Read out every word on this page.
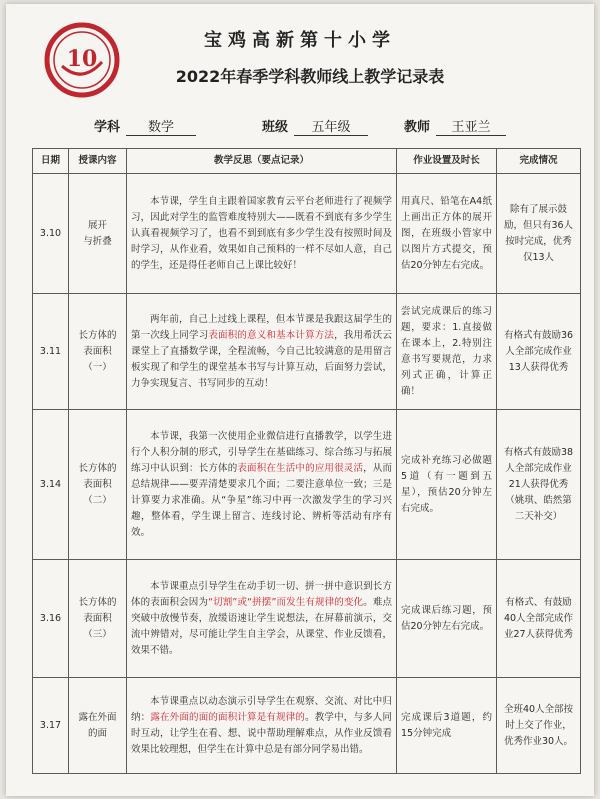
10
宝鸡高新第十小学
2022年春季学科教师线上教学记录表
学科 数学	班级 五年级	教师 王亚兰
日期	授课内容	教学反思（要点记录）	作业设置及时长	完成情况
3.10	展开
与折叠	本节课，学生自主跟着国家教育云平台老师进行了视频学习，因此对学生的监管难度特别大——既看不到底有多少学生认真看视频学习了，也看不到到底有多少学生没有按照时间及时学习，从作业看，效果如自己预料的一样不尽如人意，自己的学生，还是得任老师自己上课比较好！	用真尺、铅笔在A4纸上画出正方体的展开图，在班级小管家中以图片方式提交，预估20分钟左右完成。	除有了展示鼓励，但只有36人按时完成，优秀仅13人
3.11	长方体的
表面积
（一）	两年前，自己上过线上课程，但本节课是我跟这届学生的第一次线上同学习表面积的意义和基本计算方法，我用希沃云课堂上了直播数学课，全程流畅，今自己比较满意的是用留言板实现了和学生的课堂基本书写与计算互动，后面努力尝试，力争实现复言、书写同步的互动！	尝试完成课后的练习题，要求：1.直接做在课本上，2.特别注意书写要规范，力求列式正确，计算正确！	有格式有鼓励36人全部完成作业13人获得优秀
3.14	长方体的
表面积
（二）	本节课，我第一次使用企业微信进行直播教学，以学生进行个人积分制的形式，引导学生在基础练习、综合练习与拓展练习中认识到：长方体的表面积在生活中的应用很灵活，从而总结规律——要弄清楚要求几个面；二要注意单位一致；三是计算要力求准确。从“争星”练习中再一次激发学生的学习兴趣，整体看，学生课上留言、连线讨论、辨析等活动有序有效。	完成补充练习必做题5道（有一题到五星），预估20分钟左右完成。	有格式有鼓励38人全部完成作业21人获得优秀（姚琪、皓然第二天补交）
3.16	长方体的
表面积
（三）	本节课重点引导学生在动手切一切、拼一拼中意识到长方体的表面积会因为“切割”或“拼摆”而发生有规律的变化。难点突破中放慢节奏，放缓语速让学生说想法，在屏幕前演示，交流中辨错对，尽可能让学生自主学会，从课堂、作业反馈看，效果不错。	完成课后练习题，预估20分钟左右完成。	有格式、有鼓励40人全部完成作业27人获得优秀
3.17	露在外面
的面	本节课重点以动态演示引导学生在观察、交流、对比中归纳：露在外面的面的面积计算是有规律的。教学中，与多人同时互动，让学生在看、想、说中帮助理解难点，从作业反馈看效果比较理想，但学生在计算中总是有部分同学易出错。	完成课后3道题，约15分钟完成	全班40人全部按时上交了作业，优秀作业30人。
